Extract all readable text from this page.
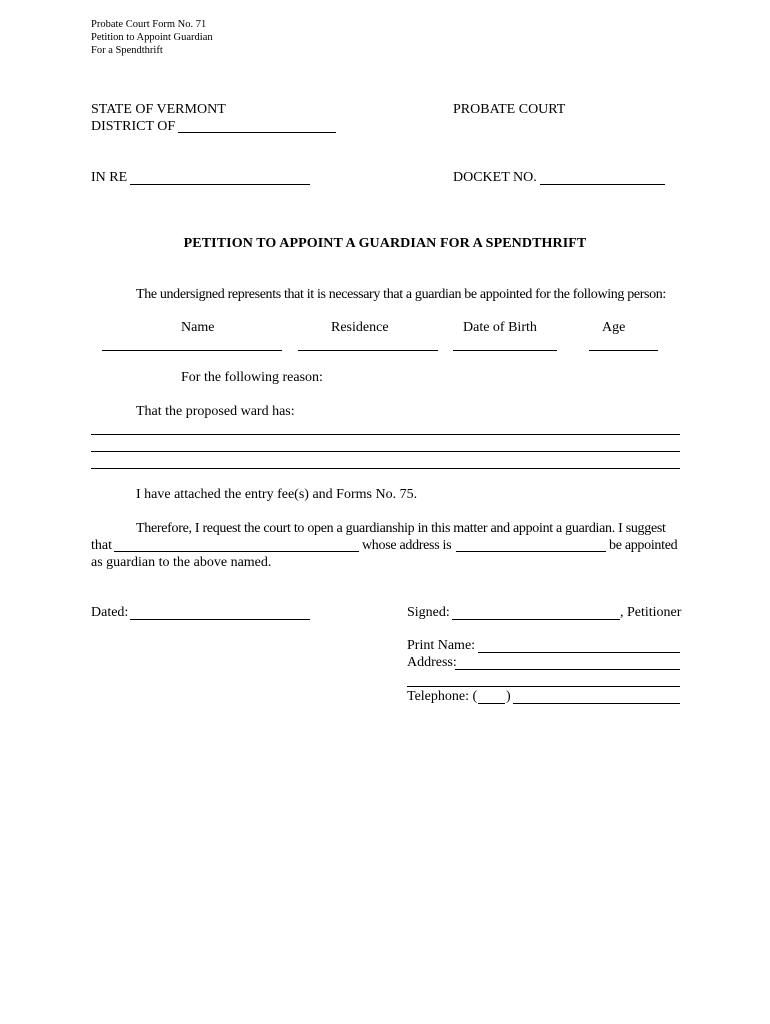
Probate Court Form No. 71
Petition to Appoint Guardian
For a Spendthrift
STATE OF VERMONT
DISTRICT OF
PROBATE COURT
IN RE	DOCKET NO.
PETITION TO APPOINT A GUARDIAN FOR A SPENDTHRIFT
The undersigned represents that it is necessary that a guardian be appointed for the following person:
Name	Residence	Date of Birth	Age
For the following reason:
That the proposed ward has:
I have attached the entry fee(s) and Forms No. 75.
Therefore, I request the court to open a guardianship in this matter and appoint a guardian. I suggest
that	whose address is	be appointed
as guardian to the above named.
Dated:	Signed:	, Petitioner
Print Name:
Address:
Telephone: ( )
